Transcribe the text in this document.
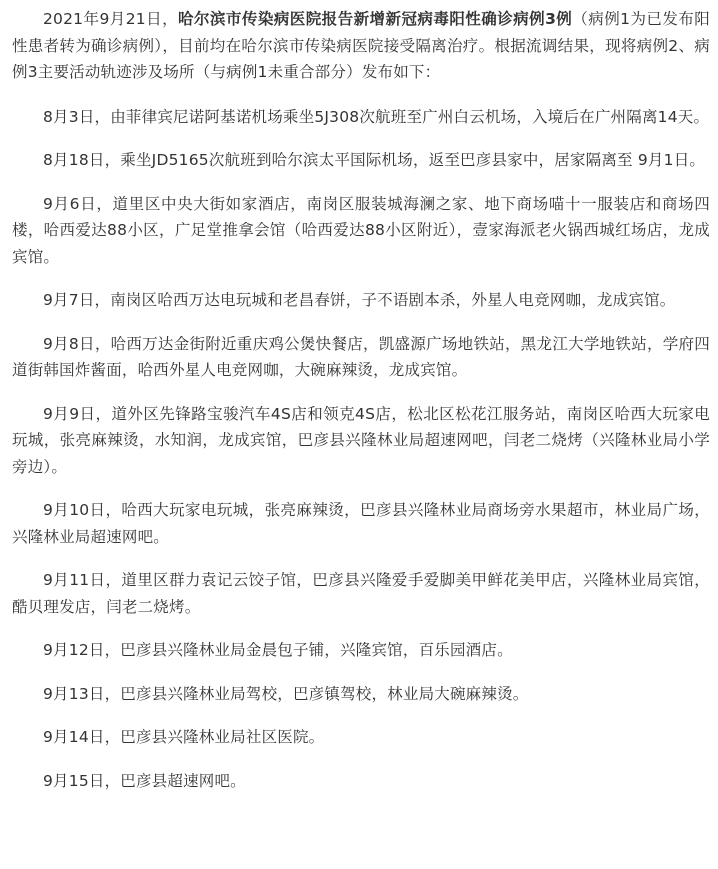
2021年9月21日，哈尔滨市传染病医院报告新增新冠病毒阳性确诊病例3例（病例1为已发布阳性患者转为确诊病例），目前均在哈尔滨市传染病医院接受隔离治疗。根据流调结果，现将病例2、病例3主要活动轨迹涉及场所（与病例1未重合部分）发布如下：

8月3日，由菲律宾尼诺阿基诺机场乘坐5J308次航班至广州白云机场，入境后在广州隔离14天。

8月18日，乘坐JD5165次航班到哈尔滨太平国际机场，返至巴彦县家中，居家隔离至 9月1日。

9月6日，道里区中央大街如家酒店，南岗区服装城海澜之家、地下商场喵十一服装店和商场四楼，哈西爱达88小区，广足堂推拿会馆（哈西爱达88小区附近），壹家海派老火锅西城红场店，龙成宾馆。

9月7日，南岗区哈西万达电玩城和老昌春饼，子不语剧本杀，外星人电竞网咖，龙成宾馆。

9月8日，哈西万达金街附近重庆鸡公煲快餐店，凯盛源广场地铁站，黑龙江大学地铁站，学府四道街韩国炸酱面，哈西外星人电竞网咖，大碗麻辣烫，龙成宾馆。

9月9日，道外区先锋路宝骏汽车4S店和领克4S店，松北区松花江服务站，南岗区哈西大玩家电玩城，张亮麻辣烫，水知润，龙成宾馆，巴彦县兴隆林业局超速网吧，闫老二烧烤（兴隆林业局小学旁边）。

9月10日，哈西大玩家电玩城，张亮麻辣烫，巴彦县兴隆林业局商场旁水果超市，林业局广场，兴隆林业局超速网吧。

9月11日，道里区群力袁记云饺子馆，巴彦县兴隆爱手爱脚美甲鲜花美甲店，兴隆林业局宾馆，酷贝理发店，闫老二烧烤。

9月12日，巴彦县兴隆林业局金晨包子铺，兴隆宾馆，百乐园酒店。

9月13日，巴彦县兴隆林业局驾校，巴彦镇驾校，林业局大碗麻辣烫。

9月14日，巴彦县兴隆林业局社区医院。

9月15日，巴彦县超速网吧。
